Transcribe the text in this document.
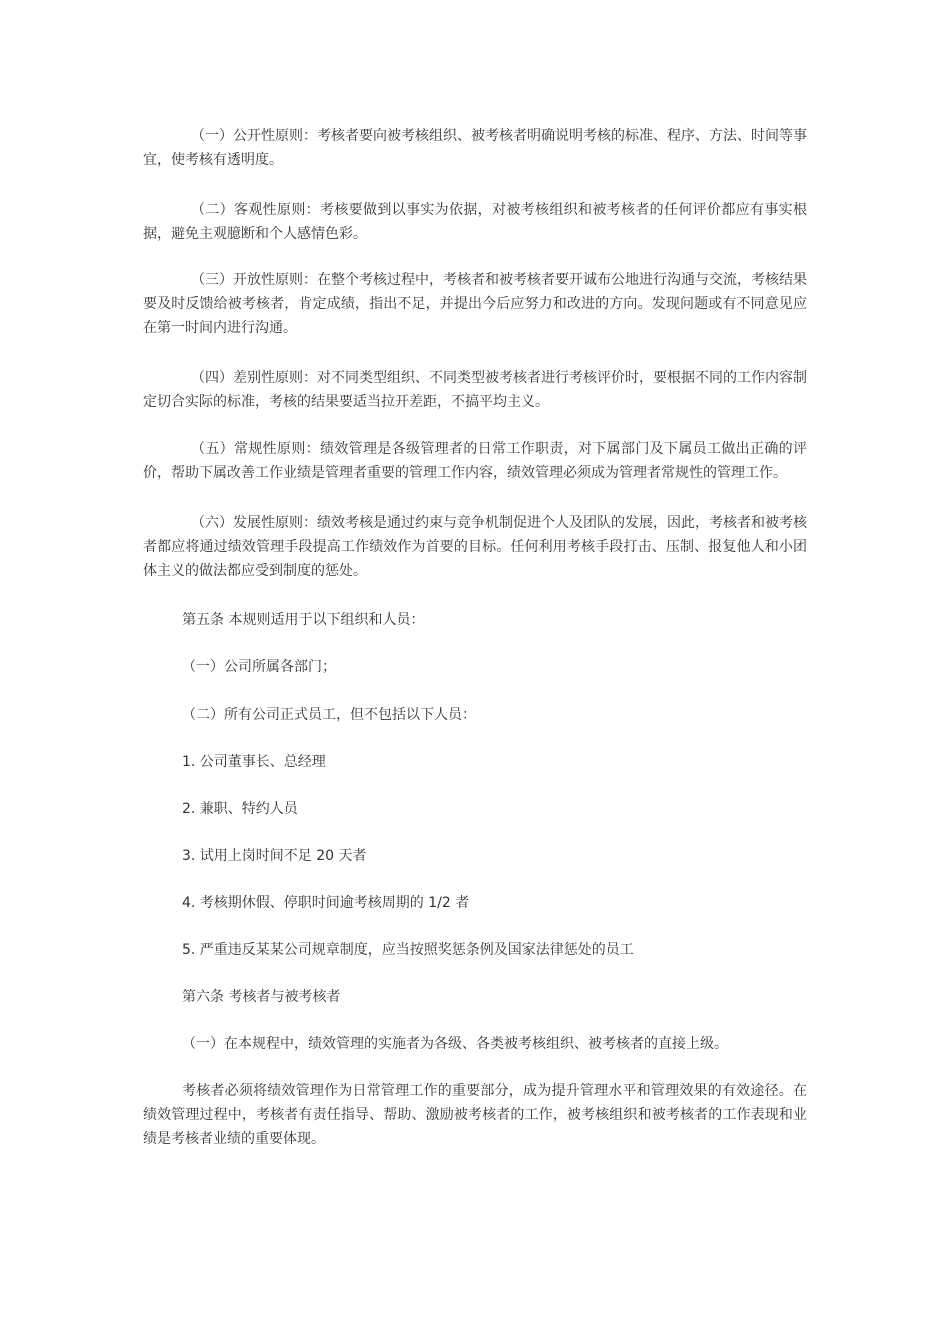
（一）公开性原则：考核者要向被考核组织、被考核者明确说明考核的标准、程序、方法、时间等事宜，使考核有透明度。

（二）客观性原则：考核要做到以事实为依据，对被考核组织和被考核者的任何评价都应有事实根据，避免主观臆断和个人感情色彩。

（三）开放性原则：在整个考核过程中，考核者和被考核者要开诚布公地进行沟通与交流，考核结果要及时反馈给被考核者，肯定成绩，指出不足，并提出今后应努力和改进的方向。发现问题或有不同意见应在第一时间内进行沟通。

（四）差别性原则：对不同类型组织、不同类型被考核者进行考核评价时，要根据不同的工作内容制定切合实际的标准，考核的结果要适当拉开差距，不搞平均主义。

（五）常规性原则：绩效管理是各级管理者的日常工作职责，对下属部门及下属员工做出正确的评价，帮助下属改善工作业绩是管理者重要的管理工作内容，绩效管理必须成为管理者常规性的管理工作。

（六）发展性原则：绩效考核是通过约束与竞争机制促进个人及团队的发展，因此，考核者和被考核者都应将通过绩效管理手段提高工作绩效作为首要的目标。任何利用考核手段打击、压制、报复他人和小团体主义的做法都应受到制度的惩处。

第五条 本规则适用于以下组织和人员：

（一）公司所属各部门；

（二）所有公司正式员工，但不包括以下人员：

1. 公司董事长、总经理

2. 兼职、特约人员

3. 试用上岗时间不足 20 天者

4. 考核期休假、停职时间逾考核周期的 1/2 者

5. 严重违反某某公司规章制度，应当按照奖惩条例及国家法律惩处的员工

第六条 考核者与被考核者

（一）在本规程中，绩效管理的实施者为各级、各类被考核组织、被考核者的直接上级。

考核者必须将绩效管理作为日常管理工作的重要部分，成为提升管理水平和管理效果的有效途径。在绩效管理过程中，考核者有责任指导、帮助、激励被考核者的工作，被考核组织和被考核者的工作表现和业绩是考核者业绩的重要体现。
